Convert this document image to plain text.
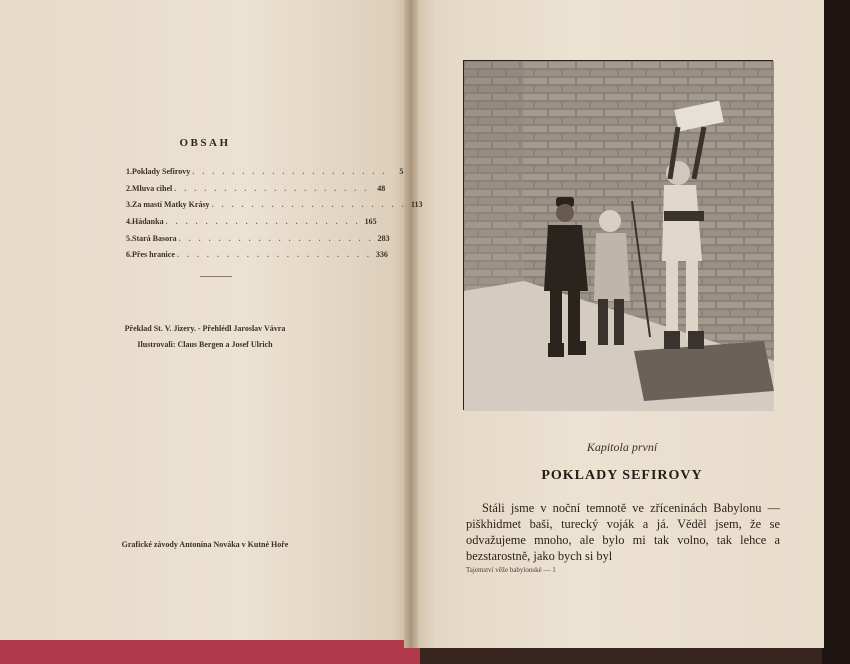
OBSAH
1. Poklady Sefirovy . . . . . . . . . . . . . . . . . . . .	5
2. Mluva cihel . . . . . . . . . . . . . . . . . . . .	48
3. Za mastí Matky Krásy . . . . . . . . . . . . . . . . . . . . 113
4. Hádanka . . . . . . . . . . . . . . . . . . . . 165
5. Stará Basora . . . . . . . . . . . . . . . . . . . . 283
6. Přes hranice . . . . . . . . . . . . . . . . . . . . 336
Překlad St. V. Jizery. - Přehlédl Jaroslav Vávra
Ilustrovali: Claus Bergen a Josef Ulrich
Grafické závody Antonína Nováka v Kutné Hoře
Kapitola první
POKLADY SEFIROVY

Stáli jsme v noční temnotě ve zříceninách Babylonu — piškhidmet baši, turecký voják a já. Věděl jsem, že se odvažujeme mnoho, ale bylo mi tak volno, tak lehce a bezstarostně, jako bych si byl

Tajemství věže babylonské — 1
